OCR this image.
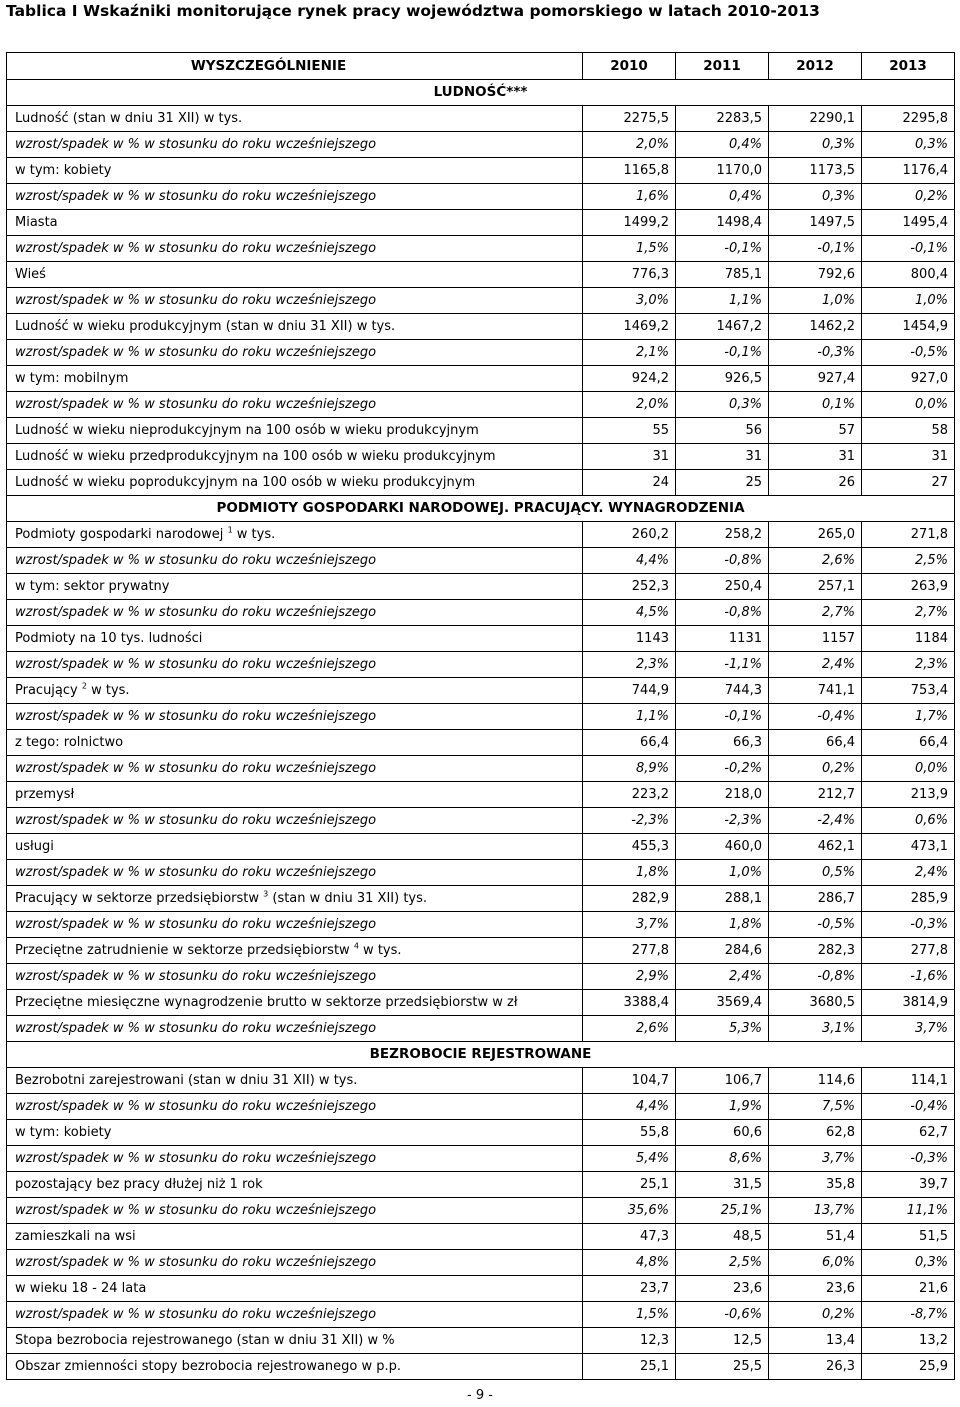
Tablica I Wskaźniki monitorujące rynek pracy województwa pomorskiego w latach 2010-2013
WYSZCZEGÓLNIENIE	2010	2011	2012	2013
LUDNOŚĆ***				
Ludność (stan w dniu 31 XII) w tys.	2275,5	2283,5	2290,1	2295,8
wzrost/spadek w % w stosunku do roku wcześniejszego	2,0%	0,4%	0,3%	0,3%
w tym: kobiety	1165,8	1170,0	1173,5	1176,4
wzrost/spadek w % w stosunku do roku wcześniejszego	1,6%	0,4%	0,3%	0,2%
Miasta	1499,2	1498,4	1497,5	1495,4
wzrost/spadek w % w stosunku do roku wcześniejszego	1,5%	-0,1%	-0,1%	-0,1%
Wieś	776,3	785,1	792,6	800,4
wzrost/spadek w % w stosunku do roku wcześniejszego	3,0%	1,1%	1,0%	1,0%
Ludność w wieku produkcyjnym (stan w dniu 31 XII) w tys.	1469,2	1467,2	1462,2	1454,9
wzrost/spadek w % w stosunku do roku wcześniejszego	2,1%	-0,1%	-0,3%	-0,5%
w tym: mobilnym	924,2	926,5	927,4	927,0
wzrost/spadek w % w stosunku do roku wcześniejszego	2,0%	0,3%	0,1%	0,0%
Ludność w wieku nieprodukcyjnym na 100 osób w wieku produkcyjnym	55	56	57	58
Ludność w wieku przedprodukcyjnym na 100 osób w wieku produkcyjnym	31	31	31	31
Ludność w wieku poprodukcyjnym na 100 osób w wieku produkcyjnym	24	25	26	27
PODMIOTY GOSPODARKI NARODOWEJ. PRACUJĄCY. WYNAGRODZENIA				
Podmioty gospodarki narodowej $^1$ w tys.	260,2	258,2	265,0	271,8
wzrost/spadek w % w stosunku do roku wcześniejszego	4,4%	-0,8%	2,6%	2,5%
w tym: sektor prywatny	252,3	250,4	257,1	263,9
wzrost/spadek w % w stosunku do roku wcześniejszego	4,5%	-0,8%	2,7%	2,7%
Podmioty na 10 tys. ludności	1143	1131	1157	1184
wzrost/spadek w % w stosunku do roku wcześniejszego	2,3%	-1,1%	2,4%	2,3%
Pracujący $^2$ w tys.	744,9	744,3	741,1	753,4
wzrost/spadek w % w stosunku do roku wcześniejszego	1,1%	-0,1%	-0,4%	1,7%
z tego: rolnictwo	66,4	66,3	66,4	66,4
wzrost/spadek w % w stosunku do roku wcześniejszego	8,9%	-0,2%	0,2%	0,0%
przemysł	223,2	218,0	212,7	213,9
wzrost/spadek w % w stosunku do roku wcześniejszego	-2,3%	-2,3%	-2,4%	0,6%
usługi	455,3	460,0	462,1	473,1
wzrost/spadek w % w stosunku do roku wcześniejszego	1,8%	1,0%	0,5%	2,4%
Pracujący w sektorze przedsiębiorstw $^3$ (stan w dniu 31 XII) tys.	282,9	288,1	286,7	285,9
wzrost/spadek w % w stosunku do roku wcześniejszego	3,7%	1,8%	-0,5%	-0,3%
Przeciętne zatrudnienie w sektorze przedsiębiorstw $^4$ w tys.	277,8	284,6	282,3	277,8
wzrost/spadek w % w stosunku do roku wcześniejszego	2,9%	2,4%	-0,8%	-1,6%
Przeciętne miesięczne wynagrodzenie brutto w sektorze przedsiębiorstw w zł	3388,4	3569,4	3680,5	3814,9
wzrost/spadek w % w stosunku do roku wcześniejszego	2,6%	5,3%	3,1%	3,7%
BEZROBOCIE REJESTROWANE				
Bezrobotni zarejestrowani (stan w dniu 31 XII) w tys.	104,7	106,7	114,6	114,1
wzrost/spadek w % w stosunku do roku wcześniejszego	4,4%	1,9%	7,5%	-0,4%
w tym: kobiety	55,8	60,6	62,8	62,7
wzrost/spadek w % w stosunku do roku wcześniejszego	5,4%	8,6%	3,7%	-0,3%
pozostający bez pracy dłużej niż 1 rok	25,1	31,5	35,8	39,7
wzrost/spadek w % w stosunku do roku wcześniejszego	35,6%	25,1%	13,7%	11,1%
zamieszkali na wsi	47,3	48,5	51,4	51,5
wzrost/spadek w % w stosunku do roku wcześniejszego	4,8%	2,5%	6,0%	0,3%
w wieku 18 - 24 lata	23,7	23,6	23,6	21,6
wzrost/spadek w % w stosunku do roku wcześniejszego	1,5%	-0,6%	0,2%	-8,7%
Stopa bezrobocia rejestrowanego (stan w dniu 31 XII) w %	12,3	12,5	13,4	13,2
Obszar zmienności stopy bezrobocia rejestrowanego w p.p.	25,1	25,5	26,3	25,9
- 9 -
